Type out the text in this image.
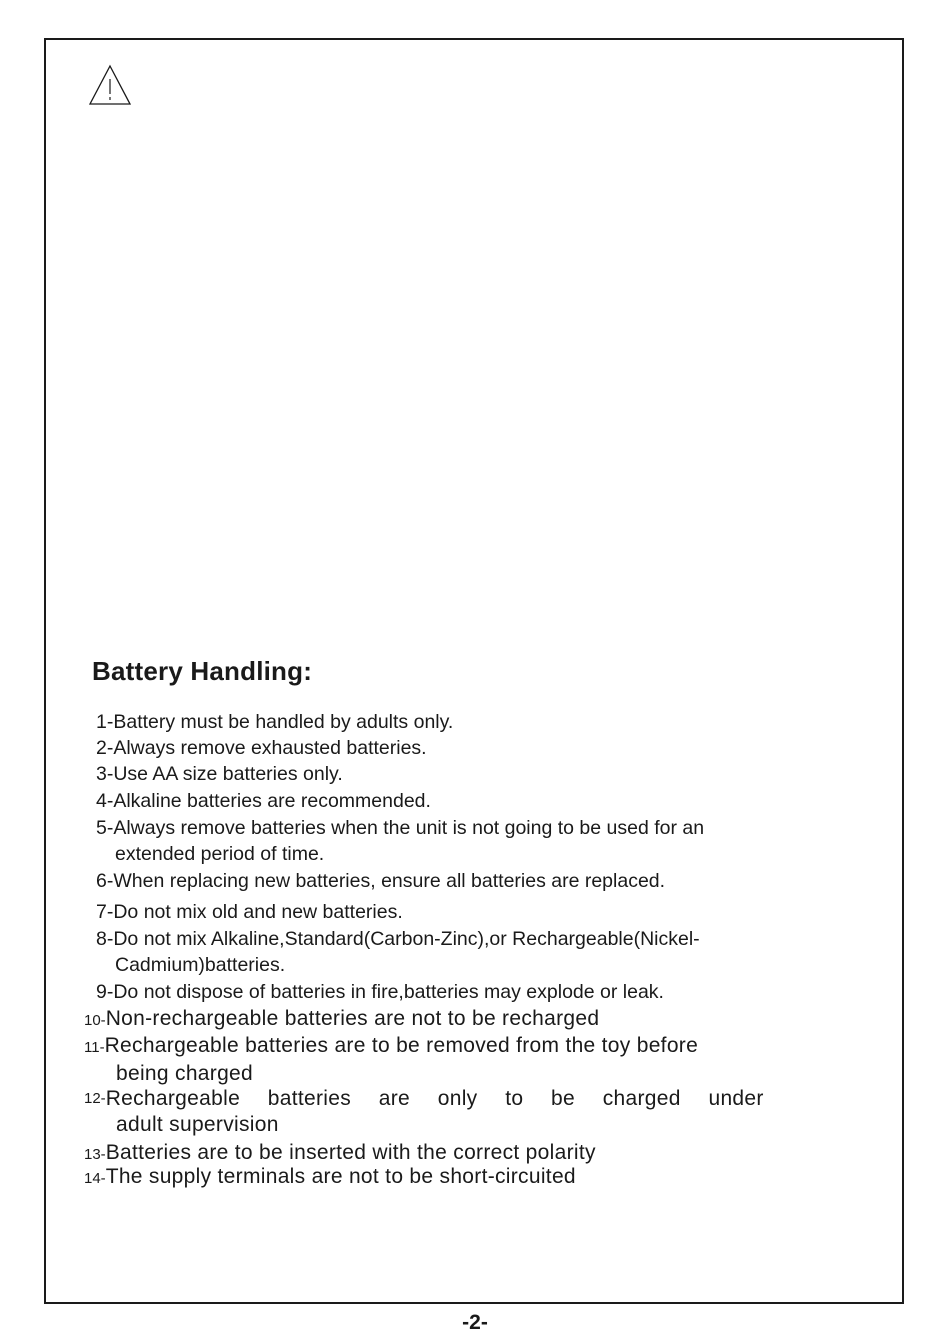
Battery Handling:
1-Battery must be handled by adults only.
2-Always remove exhausted batteries.
3-Use AA size batteries only.
4-Alkaline batteries are recommended.
5-Always remove batteries when the unit is not going to be used for an
extended period of time.
6-When replacing new batteries, ensure all batteries are replaced.
7-Do not mix old and new batteries.
8-Do not mix Alkaline,Standard(Carbon-Zinc),or Rechargeable(Nickel-
Cadmium)batteries.
9-Do not dispose of batteries in fire,batteries may explode or leak.
10-Non-rechargeable batteries are not to be recharged
11-Rechargeable batteries are to be removed from the toy before
being charged
12- Rechargeable batteries are only to be charged under
adult supervision
13-Batteries are to be inserted with the correct polarity
14-The supply terminals are not to be short-circuited
-2-
